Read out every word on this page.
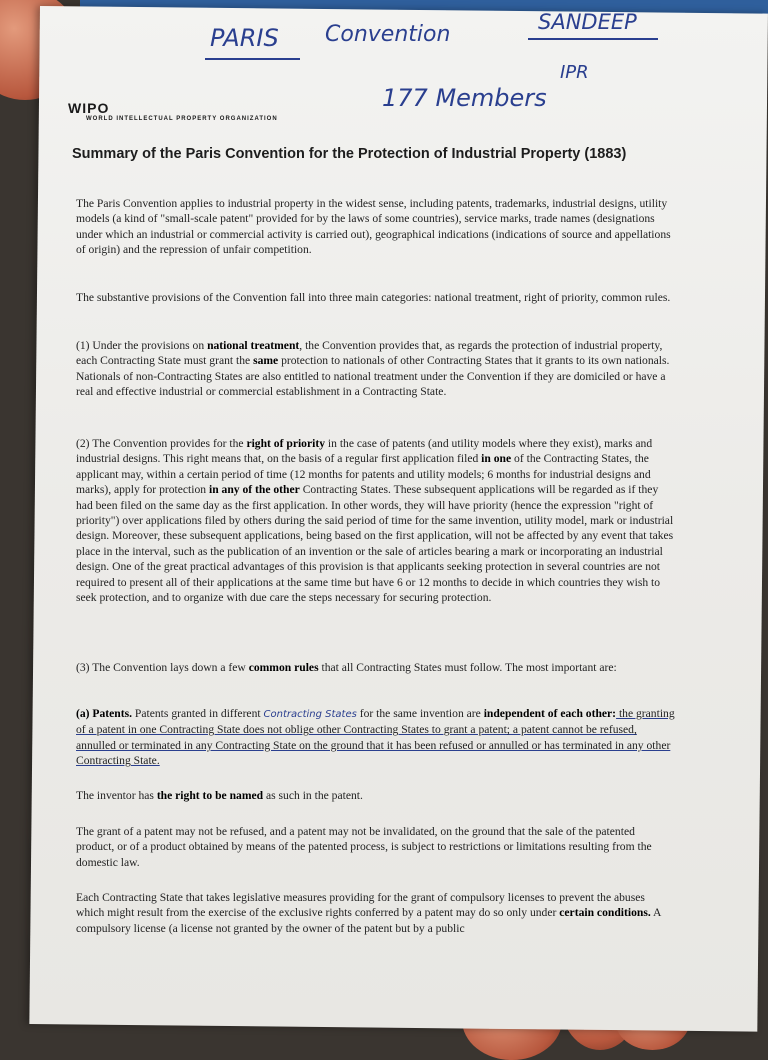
PARIS Convention	SANDEEP
IPR
177 Members
WIPO
WORLD INTELLECTUAL PROPERTY ORGANIZATION
Summary of the Paris Convention for the Protection of Industrial Property (1883)
The Paris Convention applies to industrial property in the widest sense, including patents, trademarks, industrial designs, utility models (a kind of "small-scale patent" provided for by the laws of some countries), service marks, trade names (designations under which an industrial or commercial activity is carried out), geographical indications (indications of source and appellations of origin) and the repression of unfair competition.
The substantive provisions of the Convention fall into three main categories: national treatment, right of priority, common rules.
(1) Under the provisions on national treatment, the Convention provides that, as regards the protection of industrial property, each Contracting State must grant the same protection to nationals of other Contracting States that it grants to its own nationals. Nationals of non-Contracting States are also entitled to national treatment under the Convention if they are domiciled or have a real and effective industrial or commercial establishment in a Contracting State.
(2) The Convention provides for the right of priority in the case of patents (and utility models where they exist), marks and industrial designs. This right means that, on the basis of a regular first application filed in one of the Contracting States, the applicant may, within a certain period of time (12 months for patents and utility models; 6 months for industrial designs and marks), apply for protection in any of the other Contracting States. These subsequent applications will be regarded as if they had been filed on the same day as the first application. In other words, they will have priority (hence the expression "right of priority") over applications filed by others during the said period of time for the same invention, utility model, mark or industrial design. Moreover, these subsequent applications, being based on the first application, will not be affected by any event that takes place in the interval, such as the publication of an invention or the sale of articles bearing a mark or incorporating an industrial design. One of the great practical advantages of this provision is that applicants seeking protection in several countries are not required to present all of their applications at the same time but have 6 or 12 months to decide in which countries they wish to seek protection, and to organize with due care the steps necessary for securing protection.
(3) The Convention lays down a few common rules that all Contracting States must follow. The most important are:
(a) Patents. Patents granted in different Contracting States for the same invention are independent of each other: the granting of a patent in one Contracting State does not oblige other Contracting States to grant a patent; a patent cannot be refused, annulled or terminated in any Contracting State on the ground that it has been refused or annulled or has terminated in any other Contracting State.
The inventor has the right to be named as such in the patent.
The grant of a patent may not be refused, and a patent may not be invalidated, on the ground that the sale of the patented product, or of a product obtained by means of the patented process, is subject to restrictions or limitations resulting from the domestic law.
Each Contracting State that takes legislative measures providing for the grant of compulsory licenses to prevent the abuses which might result from the exercise of the exclusive rights conferred by a patent may do so only under certain conditions. A compulsory license (a license not granted by the owner of the patent but by a public
